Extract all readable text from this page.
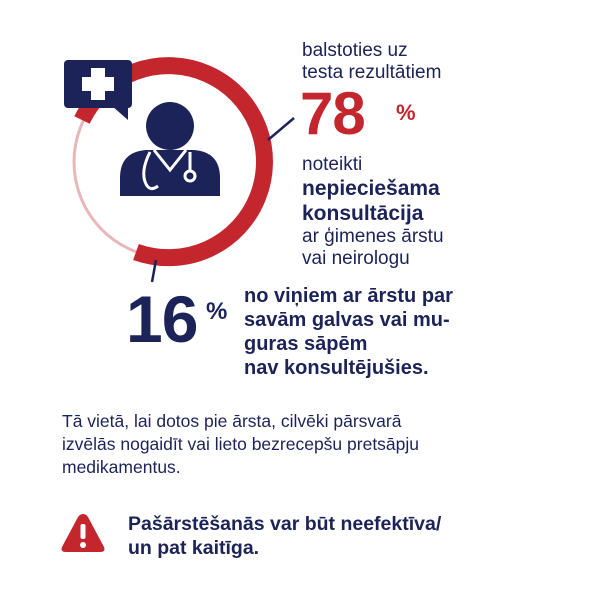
balstoties uz
testa rezultātiem
78 %
noteikti
nepieciešama
konsultācija
ar ģimenes ārstu
vai neirologu
16 %
no viņiem ar ārstu par
savām galvas vai mu-
guras sāpēm
nav konsultējušies.
Tā vietā, lai dotos pie ārsta, cilvēki pārsvarā
izvēlās nogaidīt vai lieto bezrecepšu pretsāpju
medikamentus.
Pašārstēšanās var būt neefektīva/
un pat kaitīga.
